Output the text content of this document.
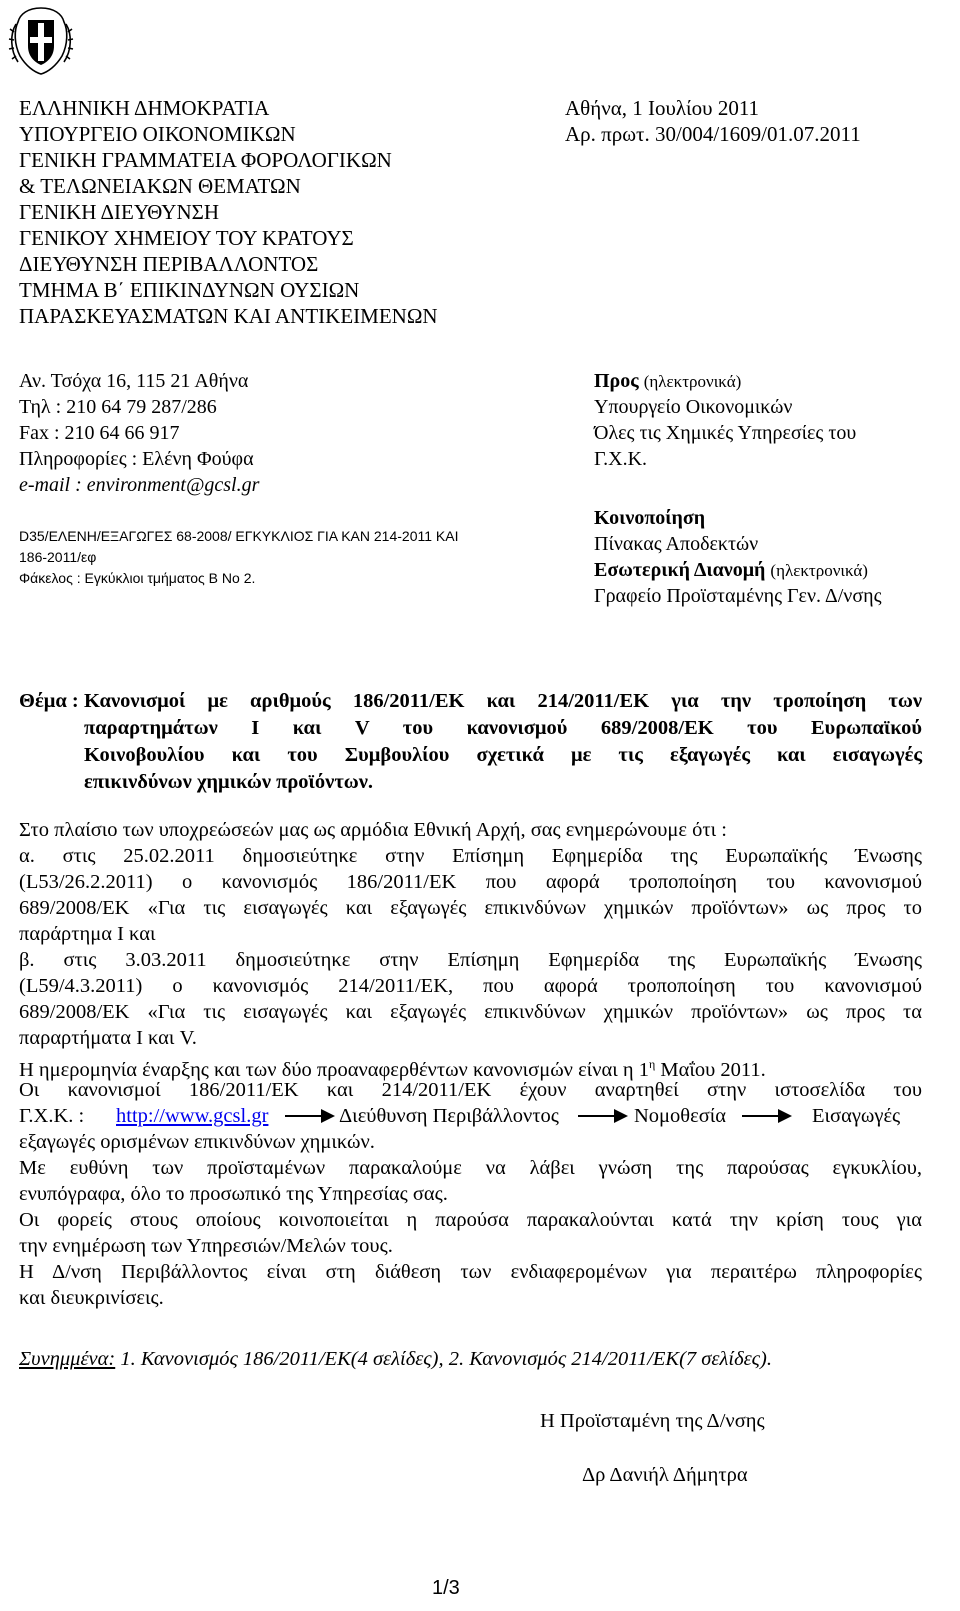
ΕΛΛΗΝΙΚΗ ΔΗΜΟΚΡΑΤΙΑ
ΥΠΟΥΡΓΕΙΟ ΟΙΚΟΝΟΜΙΚΩΝ
ΓΕΝΙΚΗ ΓΡΑΜΜΑΤΕΙΑ ΦΟΡΟΛΟΓΙΚΩΝ
& ΤΕΛΩΝΕΙΑΚΩΝ ΘΕΜΑΤΩΝ
ΓΕΝΙΚΗ ΔΙΕΥΘΥΝΣΗ
ΓΕΝΙΚΟΥ ΧΗΜΕΙΟΥ ΤΟΥ ΚΡΑΤΟΥΣ
ΔΙΕΥΘΥΝΣΗ ΠΕΡΙΒΑΛΛΟΝΤΟΣ
ΤΜΗΜΑ Β΄ ΕΠΙΚΙΝΔΥΝΩΝ ΟΥΣΙΩΝ
ΠΑΡΑΣΚΕΥΑΣΜΑΤΩΝ ΚΑΙ ΑΝΤΙΚΕΙΜΕΝΩΝ
Αθήνα, 1 Ιουλίου 2011
Αρ. πρωτ. 30/004/1609/01.07.2011
Αν. Τσόχα 16, 115 21 Αθήνα
Τηλ : 210 64 79 287/286
Fax : 210 64 66 917
Πληροφορίες : Ελένη Φούφα
e-mail : environment@gcsl.gr
D35/ΕΛΕΝΗ/ΕΞΑΓΩΓΕΣ 68-2008/ ΕΓΚΥΚΛΙΟΣ ΓΙΑ ΚΑΝ 214-2011 ΚΑΙ
186-2011/εφ
Φάκελος : Εγκύκλιοι τμήματος Β Νο 2.
Προς (ηλεκτρονικά)
Υπουργείο Οικονομικών
Όλες τις Χημικές Υπηρεσίες του
Γ.Χ.Κ.
Κοινοποίηση
Πίνακας Αποδεκτών
Εσωτερική Διανομή (ηλεκτρονικά)
Γραφείο Προϊσταμένης Γεν. Δ/νσης
Θέμα : Κανονισμοί με αριθμούς 186/2011/ΕΚ και 214/2011/ΕΚ για την τροποίηση των
παραρτημάτων Ι και V του κανονισμού 689/2008/ΕΚ του Ευρωπαϊκού
Κοινοβουλίου και του Συμβουλίου σχετικά με τις εξαγωγές και εισαγωγές
επικινδύνων χημικών προϊόντων.
Στο πλαίσιο των υποχρεώσεών μας ως αρμόδια Εθνική Αρχή, σας ενημερώνουμε ότι :
α. στις 25.02.2011 δημοσιεύτηκε στην Επίσημη Εφημερίδα της Ευρωπαϊκής Ένωσης
(L53/26.2.2011) ο κανονισμός 186/2011/ΕΚ που αφορά τροποποίηση του κανονισμού
689/2008/ΕΚ «Για τις εισαγωγές και εξαγωγές επικινδύνων χημικών προϊόντων» ως προς το
παράρτημα Ι και
β. στις 3.03.2011 δημοσιεύτηκε στην Επίσημη Εφημερίδα της Ευρωπαϊκής Ένωσης
(L59/4.3.2011) ο κανονισμός 214/2011/ΕΚ, που αφορά τροποποίηση του κανονισμού
689/2008/ΕΚ «Για τις εισαγωγές και εξαγωγές επικινδύνων χημικών προϊόντων» ως προς τα
παραρτήματα Ι και V.
Η ημερομηνία έναρξης και των δύο προαναφερθέντων κανονισμών είναι η $1^\eta$ Μαΐου 2011.
Οι κανονισμοί 186/2011/ΕΚ και 214/2011/ΕΚ έχουν αναρτηθεί στην ιστοσελίδα του
Γ.Χ.Κ. : http://www.gcsl.gr	Διεύθυνση Περιβάλλοντος	Νομοθεσία	Εισαγωγές
εξαγωγές ορισμένων επικινδύνων χημικών.
Με ευθύνη των προϊσταμένων παρακαλούμε να λάβει γνώση της παρούσας εγκυκλίου,
ενυπόγραφα, όλο το προσωπικό της Υπηρεσίας σας.
Οι φορείς στους οποίους κοινοποιείται η παρούσα παρακαλούνται κατά την κρίση τους για
την ενημέρωση των Υπηρεσιών/Μελών τους.
Η Δ/νση Περιβάλλοντος είναι στη διάθεση των ενδιαφερομένων για περαιτέρω πληροφορίες
και διευκρινίσεις.
Συνημμένα: 1. Κανονισμός 186/2011/ΕΚ(4 σελίδες), 2. Κανονισμός 214/2011/ΕΚ(7 σελίδες).
Η Προϊσταμένη της Δ/νσης
Δρ Δανιήλ Δήμητρα
1/3
